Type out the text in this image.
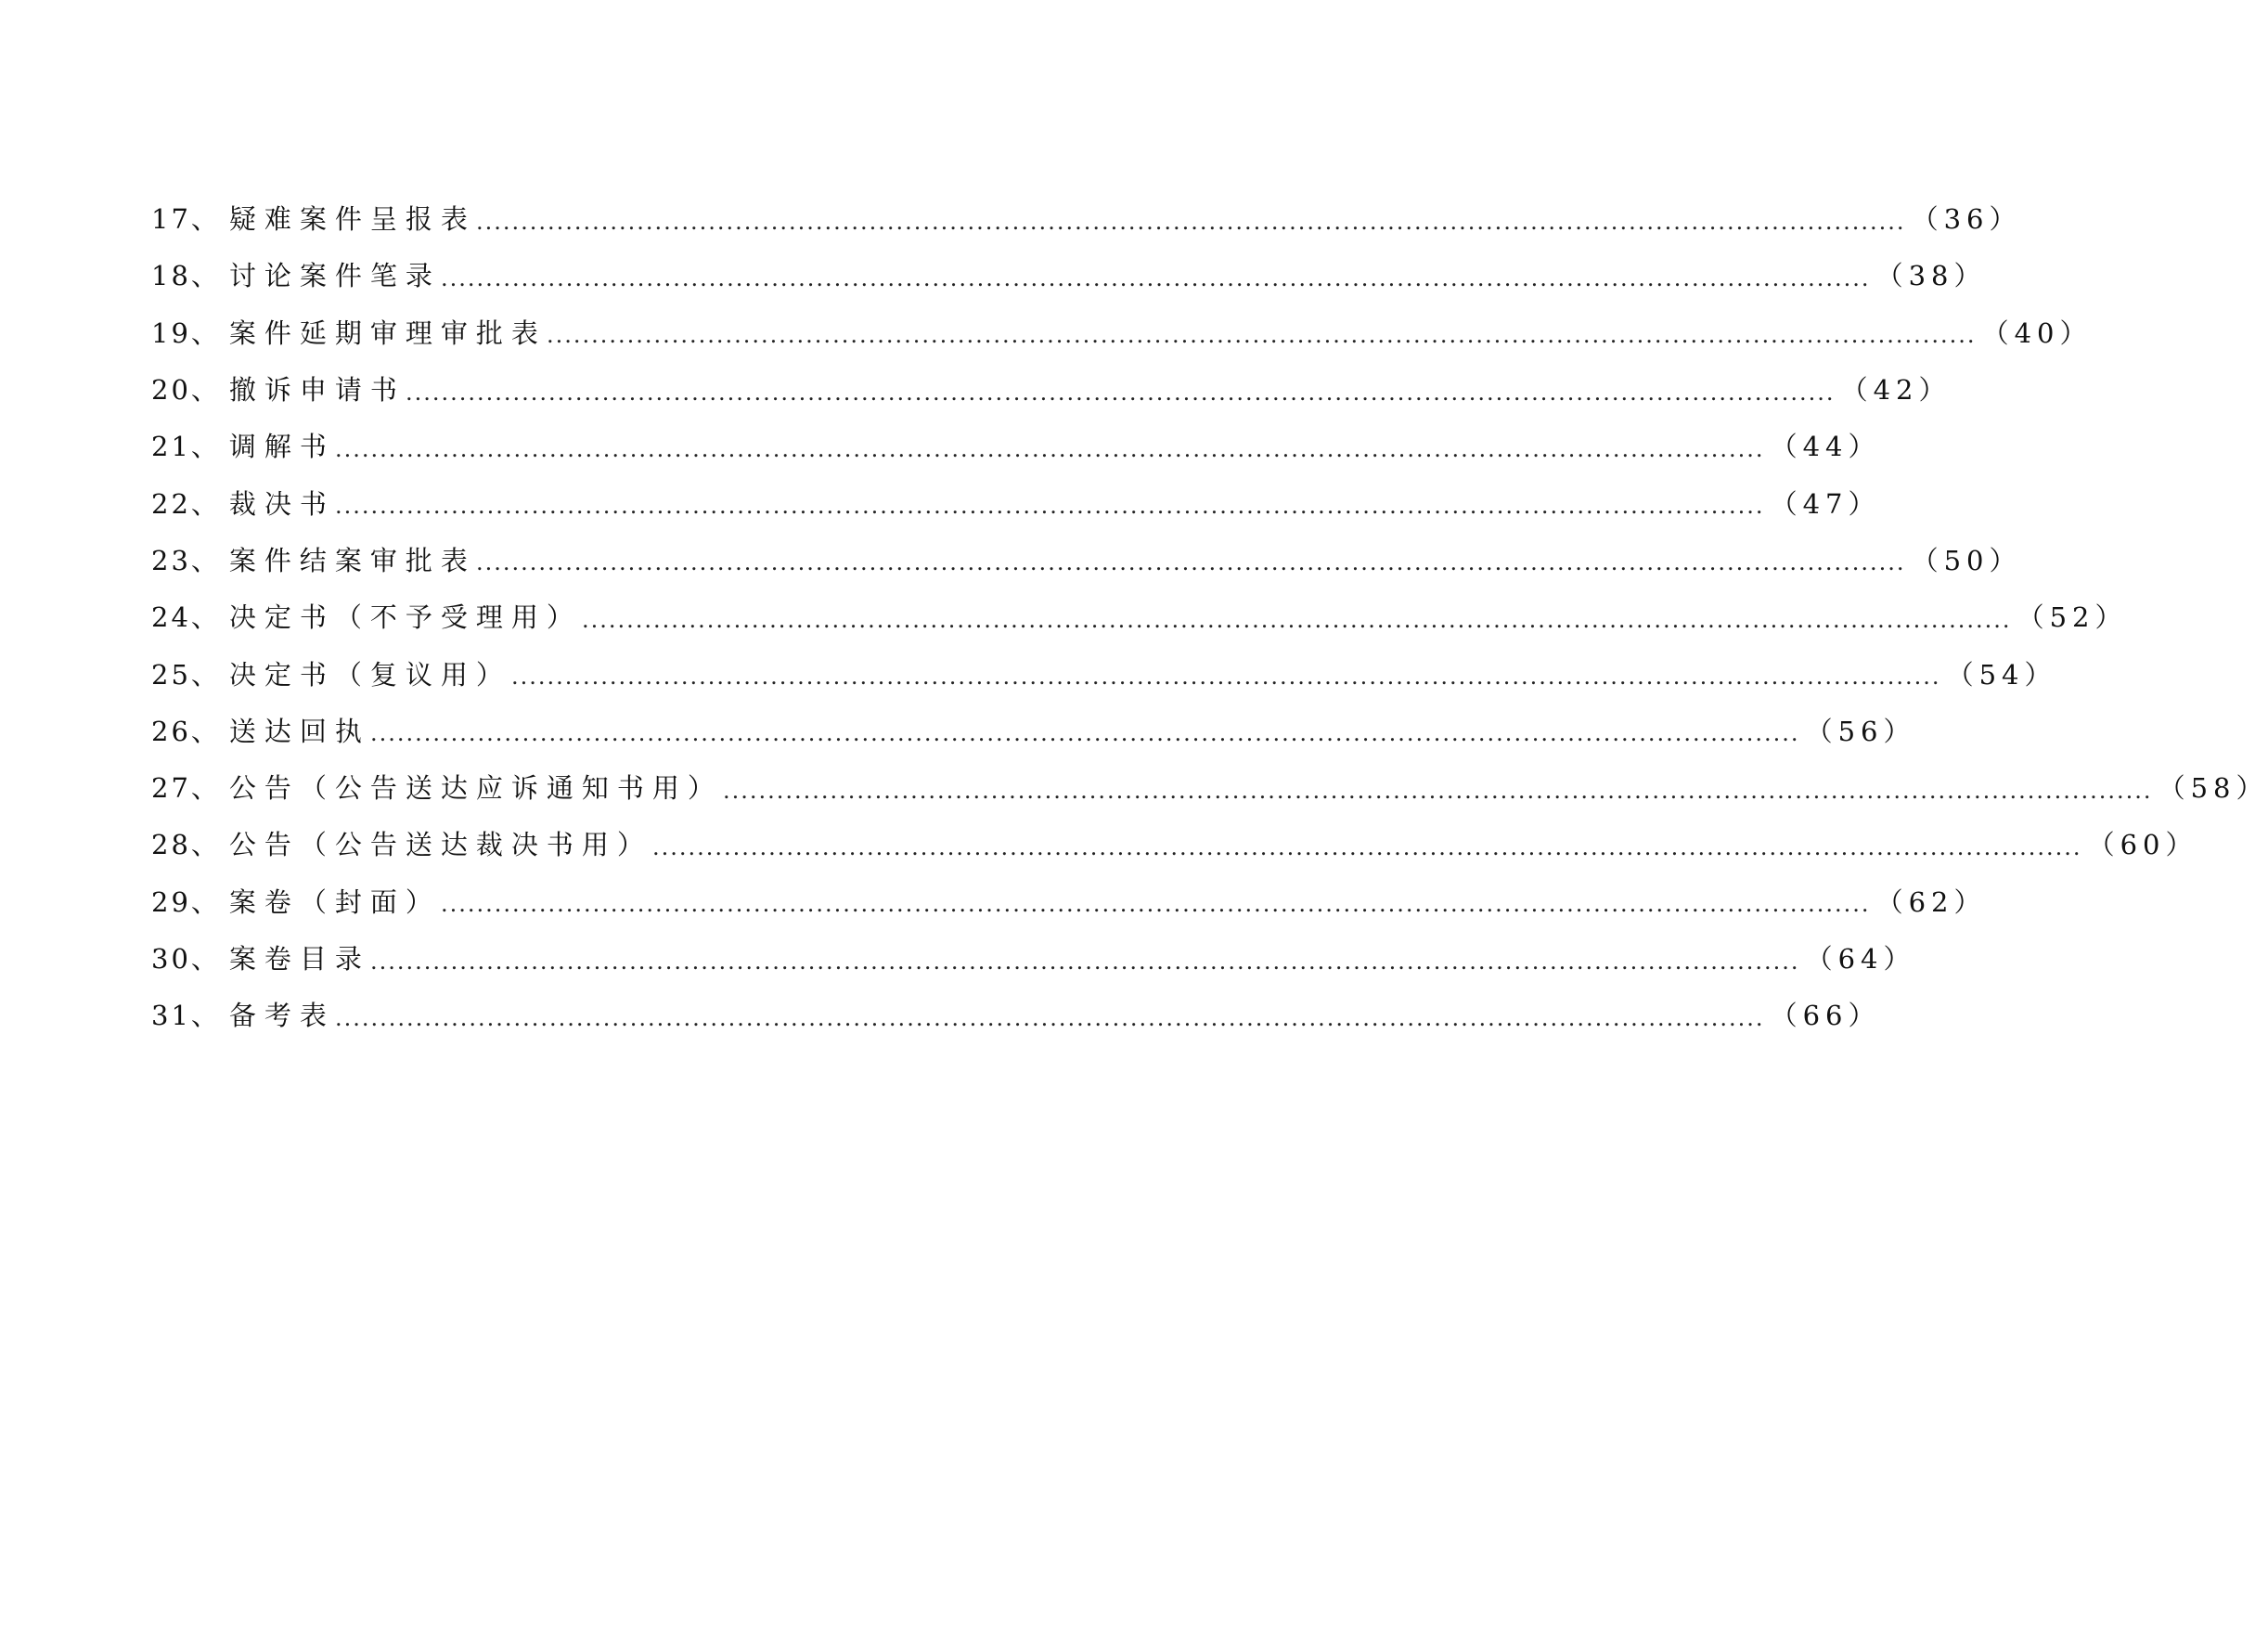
17 、 疑难案件呈报表 ................................................................................................................................................................ （36）
18 、 讨论案件笔录 ................................................................................................................................................................ （38）
19 、 案件延期审理审批表 ................................................................................................................................................................ （40）
20 、 撤诉申请书 ................................................................................................................................................................ （42）
21 、 调解书 ................................................................................................................................................................ （44）
22 、 裁决书 ................................................................................................................................................................ （47）
23 、 案件结案审批表 ................................................................................................................................................................ （50）
24 、 决定书（不予受理用） ................................................................................................................................................................ （52）
25 、 决定书（复议用） ................................................................................................................................................................ （54）
26 、 送达回执 ................................................................................................................................................................ （56）
27 、 公告（公告送达应诉通知书用） ................................................................................................................................................................ （58）
28 、 公告（公告送达裁决书用） ................................................................................................................................................................ （60）
29 、 案卷（封面） ................................................................................................................................................................ （62）
30 、 案卷目录 ................................................................................................................................................................ （64）
31 、 备考表 ................................................................................................................................................................ （66）
